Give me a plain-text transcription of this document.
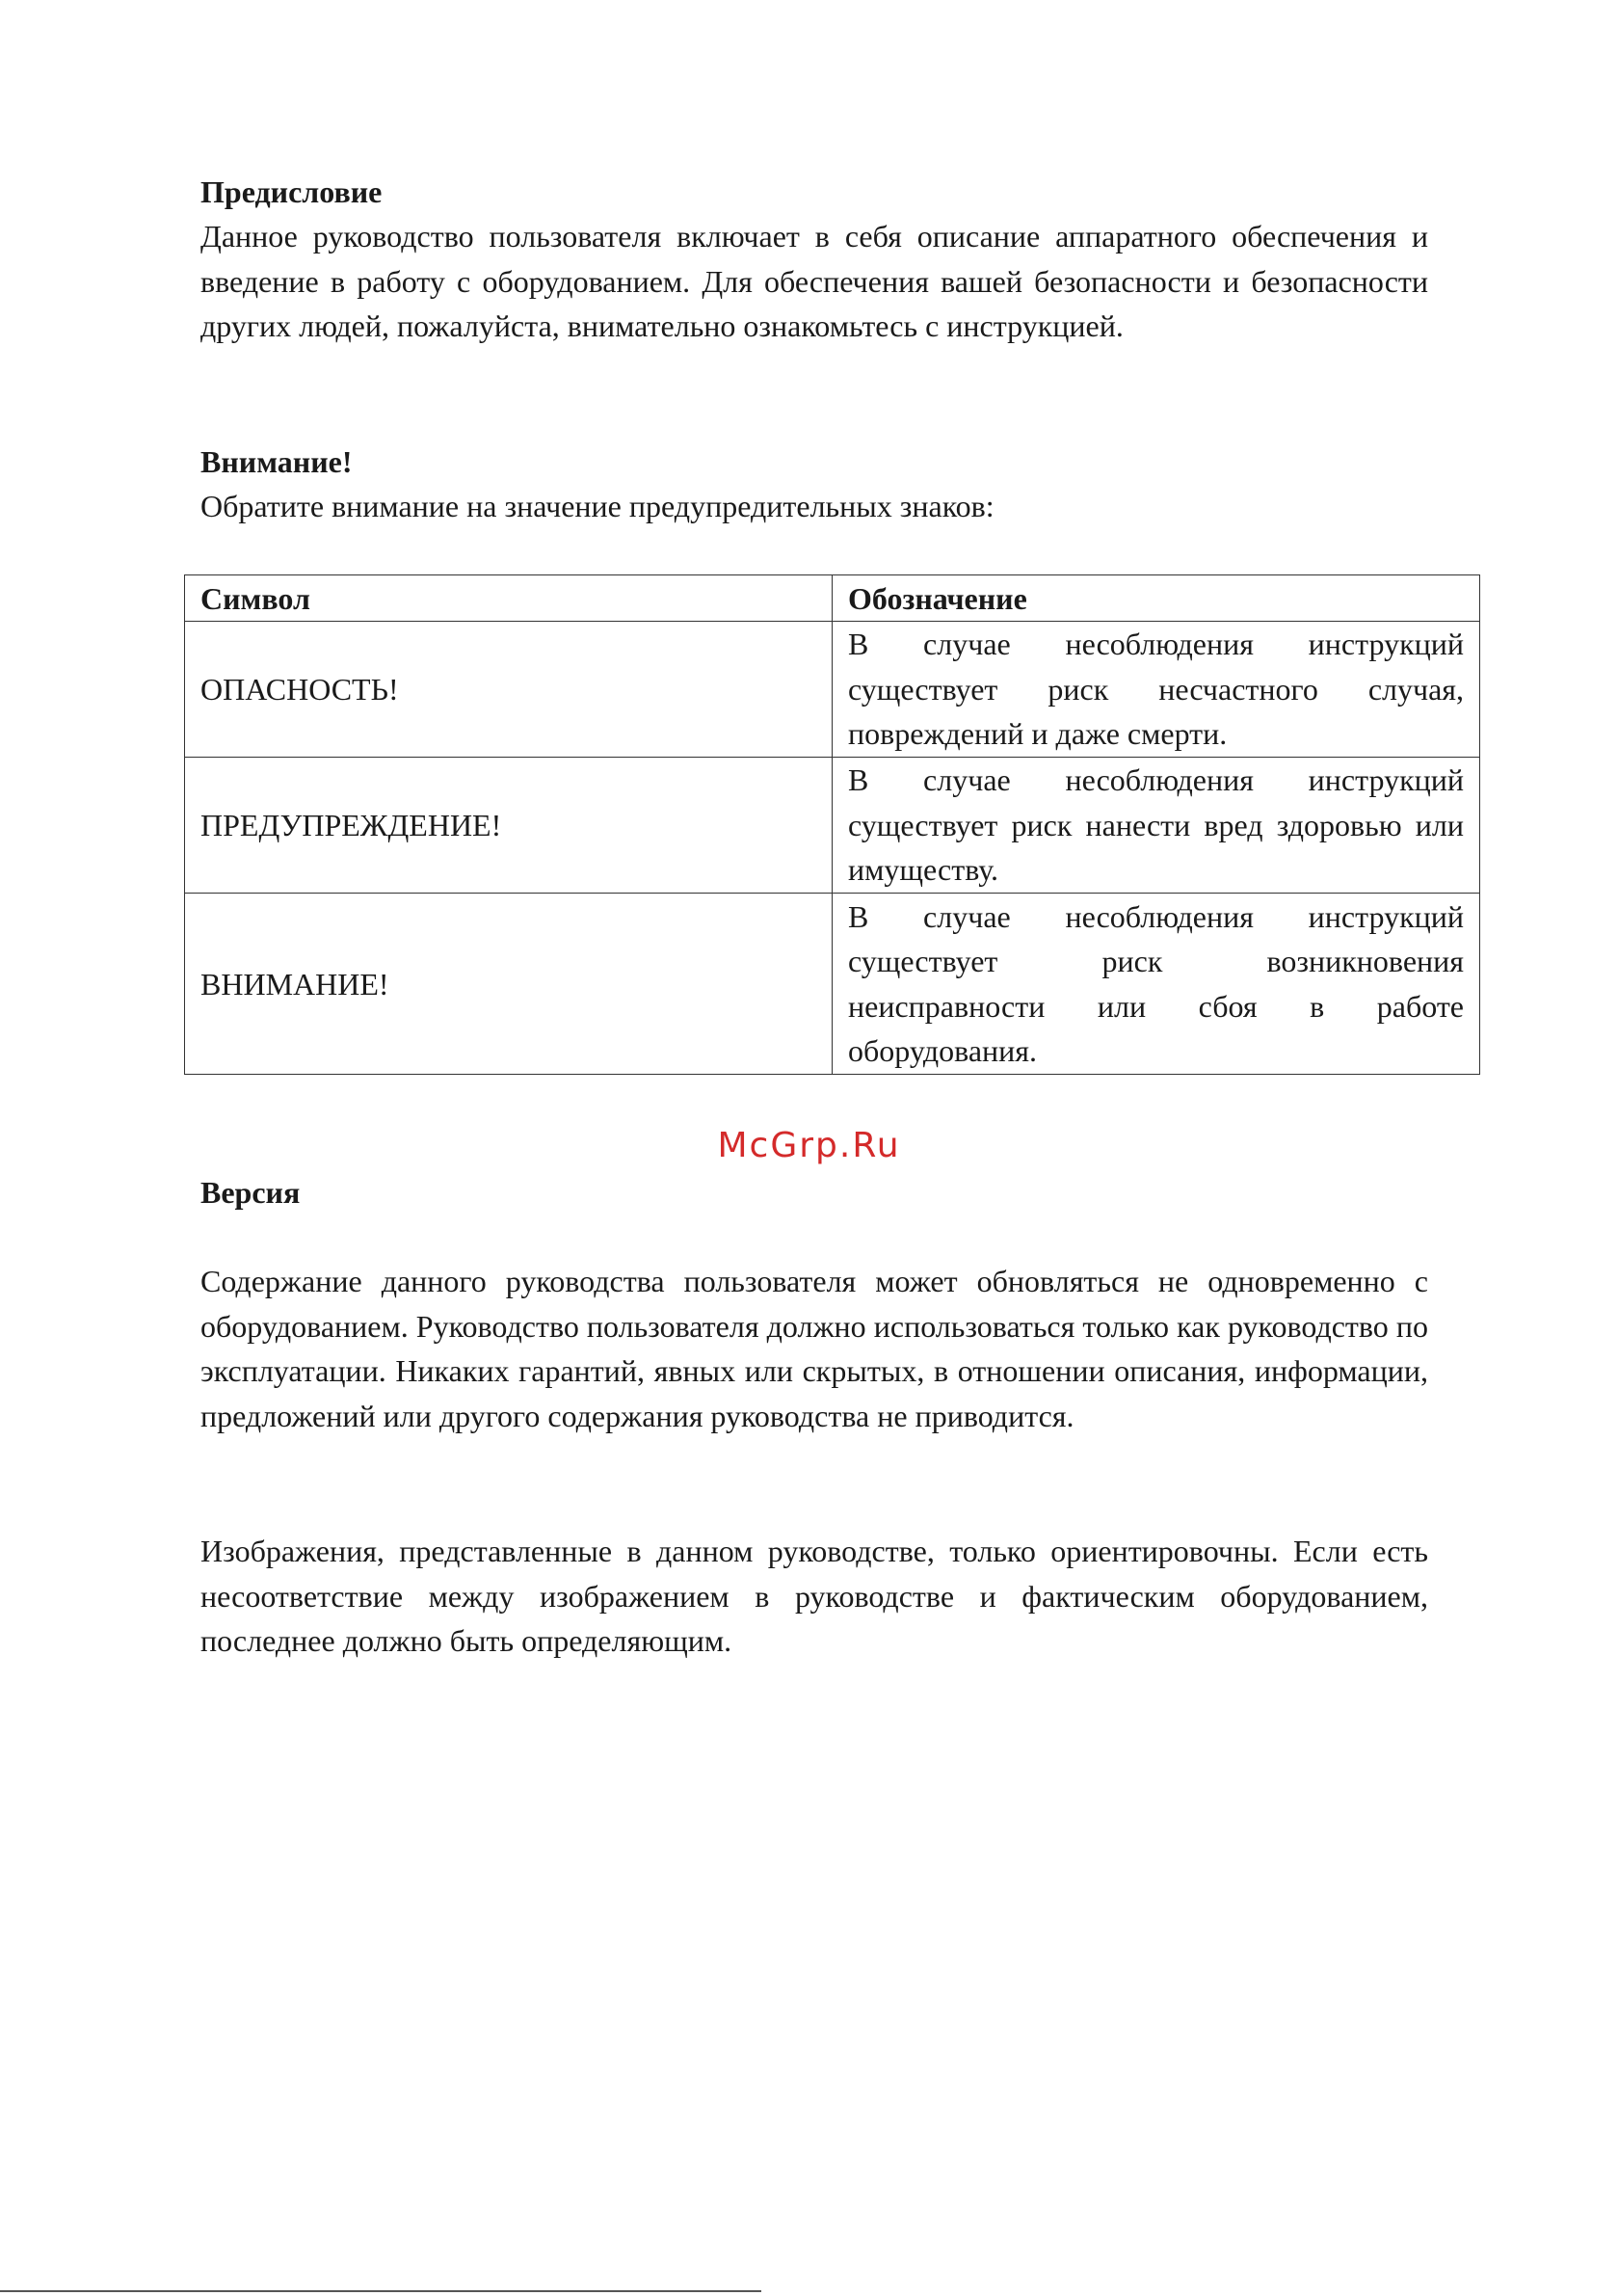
Предисловие

Данное руководство пользователя включает в себя описание аппаратного обеспечения и введение в работу с оборудованием. Для обеспечения вашей безопасности и безопасности других людей, пожалуйста, внимательно ознакомьтесь с инструкцией.

Внимание!

Обратите внимание на значение предупредительных знаков:

Символ	Обозначение
ОПАСНОСТЬ!	В случае несоблюдения инструкций существует риск несчастного случая, повреждений и даже смерти.
ПРЕДУПРЕЖДЕНИЕ!	В случае несоблюдения инструкций существует риск нанести вред здоровью или имуществу.
ВНИМАНИЕ!	В случае несоблюдения инструкций существует риск возникновения неисправности или сбоя в работе оборудования.
McGrp.Ru
Версия

Содержание данного руководства пользователя может обновляться не одновременно с оборудованием. Руководство пользователя должно использоваться только как руководство по эксплуатации. Никаких гарантий, явных или скрытых, в отношении описания, информации, предложений или другого содержания руководства не приводится.

Изображения, представленные в данном руководстве, только ориентировочны. Если есть несоответствие между изображением в руководстве и фактическим оборудованием, последнее должно быть определяющим.
